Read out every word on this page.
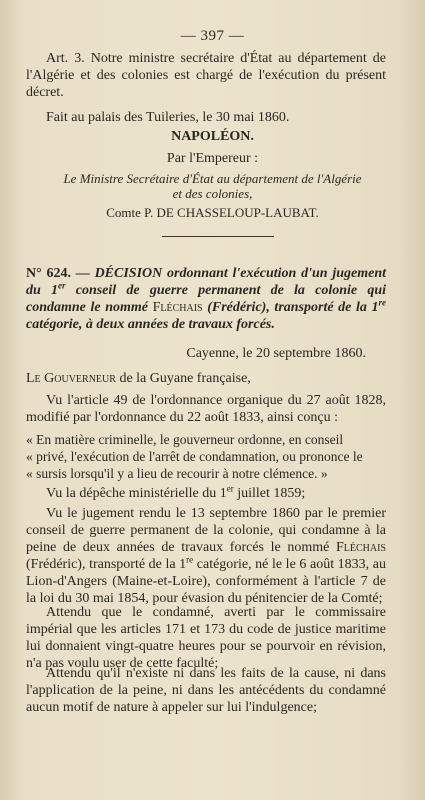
— 397 —
Art. 3. Notre ministre secrétaire d'État au département de l'Algérie et des colonies est chargé de l'exécution du présent décret.
Fait au palais des Tuileries, le 30 mai 1860.
NAPOLÉON.
Par l'Empereur :
Le Ministre Secrétaire d'État au département de l'Algérie
et des colonies,
Comte P. DE CHASSELOUP-LAUBAT.
N° 624. — DÉCISION ordonnant l'exécution d'un jugement du 1er conseil de guerre permanent de la colonie qui condamne le nommé Fléchais (Frédéric), transporté de la 1re catégorie, à deux années de travaux forcés.
Cayenne, le 20 septembre 1860.
Le Gouverneur de la Guyane française,
Vu l'article 49 de l'ordonnance organique du 27 août 1828, modifié par l'ordonnance du 22 août 1833, ainsi conçu :
« En matière criminelle, le gouverneur ordonne, en conseil
« privé, l'exécution de l'arrêt de condamnation, ou prononce le
« sursis lorsqu'il y a lieu de recourir à notre clémence. »
Vu la dépêche ministérielle du 1er juillet 1859;
Vu le jugement rendu le 13 septembre 1860 par le premier conseil de guerre permanent de la colonie, qui condamne à la peine de deux années de travaux forcés le nommé Fléchais (Frédéric), transporté de la 1re catégorie, né le le 6 août 1833, au Lion-d'Angers (Maine-et-Loire), conformément à l'article 7 de la loi du 30 mai 1854, pour évasion du pénitencier de la Comté;
Attendu que le condamné, averti par le commissaire impérial que les articles 171 et 173 du code de justice maritime lui donnaient vingt-quatre heures pour se pourvoir en révision, n'a pas voulu user de cette faculté;
Attendu qu'il n'existe ni dans les faits de la cause, ni dans l'application de la peine, ni dans les antécédents du condamné aucun motif de nature à appeler sur lui l'indulgence;
